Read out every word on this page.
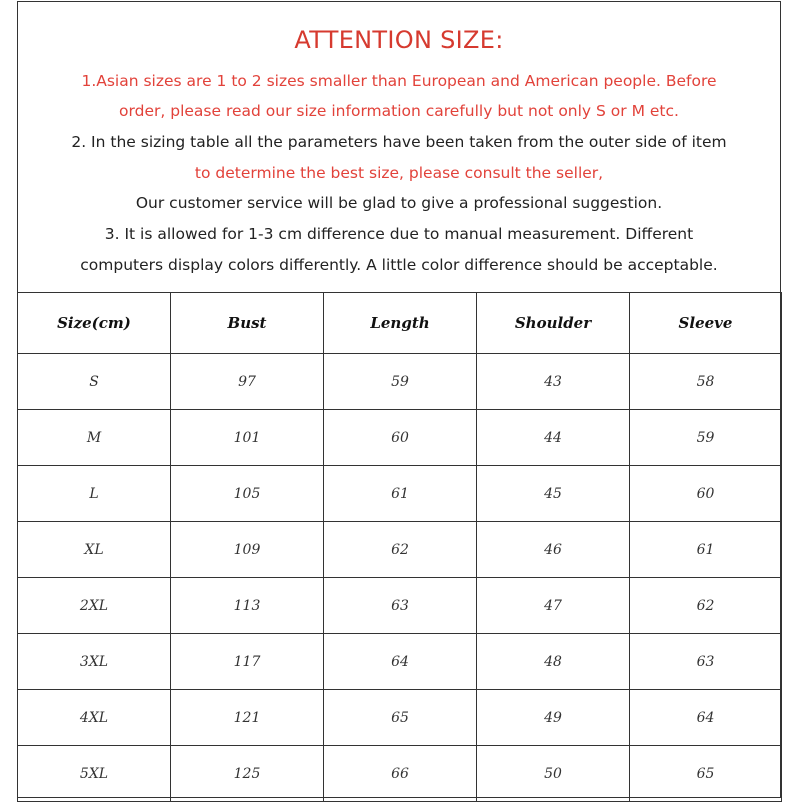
ATTENTION SIZE:
1.Asian sizes are 1 to 2 sizes smaller than European and American people. Before
order, please read our size information carefully but not only S or M etc.
2. In the sizing table all the parameters have been taken from the outer side of item
to determine the best size, please consult the seller,
Our customer service will be glad to give a professional suggestion.
3. It is allowed for 1-3 cm difference due to manual measurement. Different
computers display colors differently. A little color difference should be acceptable.
Size(cm)	Bust	Length	Shoulder	Sleeve
S	97	59	43	58
M	101	60	44	59
L	105	61	45	60
XL	109	62	46	61
2XL	113	63	47	62
3XL	117	64	48	63
4XL	121	65	49	64
5XL	125	66	50	65
